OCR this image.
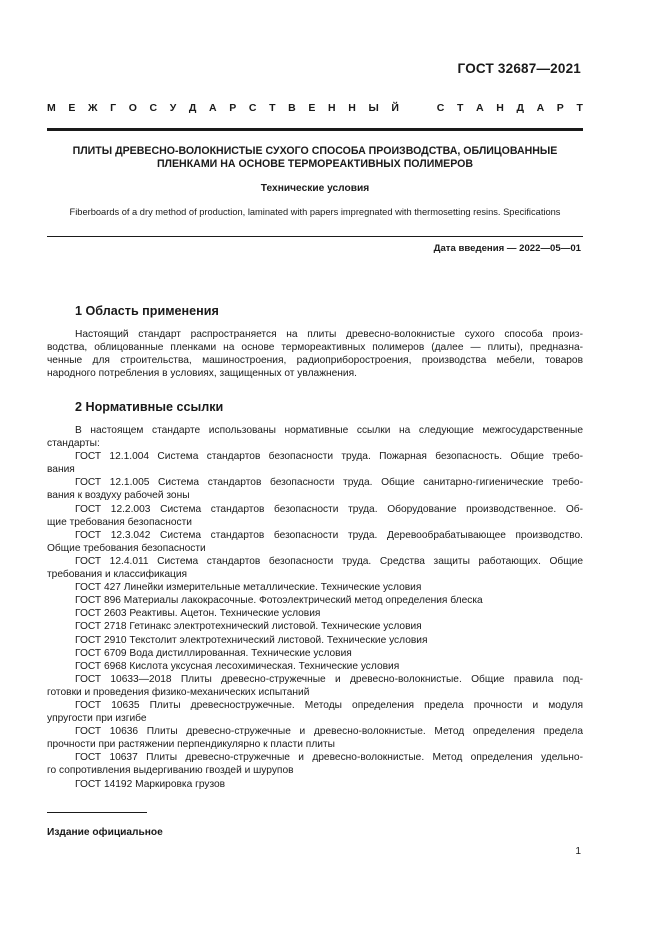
ГОСТ 32687—2021
М Е Ж Г О С У Д А Р С Т В Е Н Н Ы Й	С Т А Н Д А Р Т
ПЛИТЫ ДРЕВЕСНО-ВОЛОКНИСТЫЕ СУХОГО СПОСОБА ПРОИЗВОДСТВА, ОБЛИЦОВАННЫЕ
ПЛЕНКАМИ НА ОСНОВЕ ТЕРМОРЕАКТИВНЫХ ПОЛИМЕРОВ
Технические условия
Fiberboards of a dry method of production, laminated with papers impregnated with thermosetting resins. Specifications
Дата введения — 2022—05—01
1 Область применения
Настоящий стандарт распространяется на плиты древесно-волокнистые сухого способа произ-
водства, облицованные пленками на основе термореактивных полимеров (далее — плиты), предназна-
ченные для строительства, машиностроения, радиоприборостроения, производства мебели, товаров
народного потребления в условиях, защищенных от увлажнения.
2 Нормативные ссылки
В настоящем стандарте использованы нормативные ссылки на следующие межгосударственные
стандарты:
ГОСТ 12.1.004 Система стандартов безопасности труда. Пожарная безопасность. Общие требо-
вания
ГОСТ 12.1.005 Система стандартов безопасности труда. Общие санитарно-гигиенические требо-
вания к воздуху рабочей зоны
ГОСТ 12.2.003 Система стандартов безопасности труда. Оборудование производственное. Об-
щие требования безопасности
ГОСТ 12.3.042 Система стандартов безопасности труда. Деревообрабатывающее производство.
Общие требования безопасности
ГОСТ 12.4.011 Система стандартов безопасности труда. Средства защиты работающих. Общие
требования и классификация
ГОСТ 427 Линейки измерительные металлические. Технические условия
ГОСТ 896 Материалы лакокрасочные. Фотоэлектрический метод определения блеска
ГОСТ 2603 Реактивы. Ацетон. Технические условия
ГОСТ 2718 Гетинакс электротехнический листовой. Технические условия
ГОСТ 2910 Текстолит электротехнический листовой. Технические условия
ГОСТ 6709 Вода дистиллированная. Технические условия
ГОСТ 6968 Кислота уксусная лесохимическая. Технические условия
ГОСТ 10633—2018 Плиты древесно-стружечные и древесно-волокнистые. Общие правила под-
готовки и проведения физико-механических испытаний
ГОСТ 10635 Плиты древесностружечные. Методы определения предела прочности и модуля
упругости при изгибе
ГОСТ 10636 Плиты древесно-стружечные и древесно-волокнистые. Метод определения предела
прочности при растяжении перпендикулярно к пласти плиты
ГОСТ 10637 Плиты древесно-стружечные и древесно-волокнистые. Метод определения удельно-
го сопротивления выдергиванию гвоздей и шурупов
ГОСТ 14192 Маркировка грузов
Издание официальное
1
